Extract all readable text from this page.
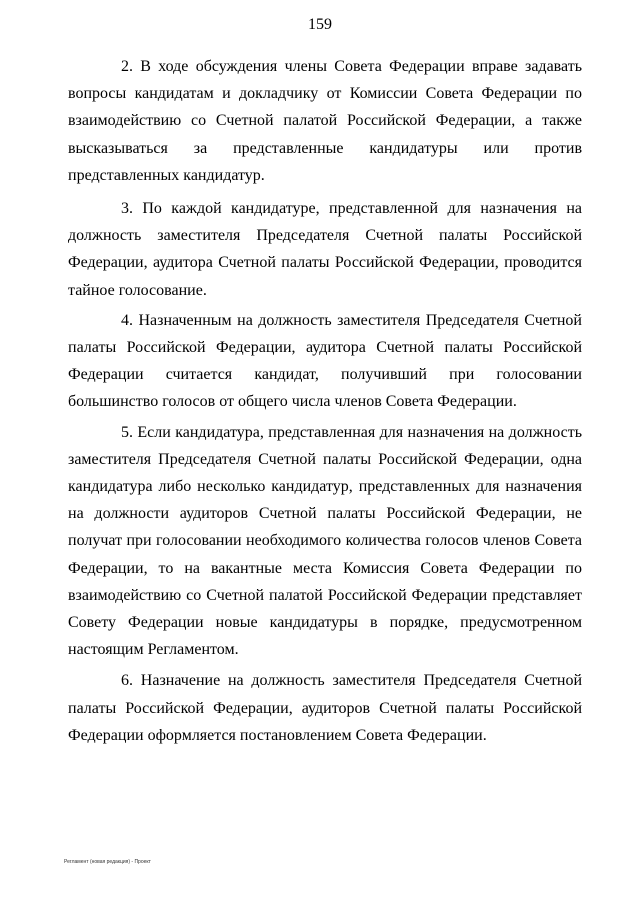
159

2. В ходе обсуждения члены Совета Федерации вправе задавать вопросы кандидатам и докладчику от Комиссии Совета Федерации по взаимодействию со Счетной палатой Российской Федерации, а также высказываться за представленные кандидатуры или против представленных кандидатур.

3. По каждой кандидатуре, представленной для назначения на должность заместителя Председателя Счетной палаты Российской Федерации, аудитора Счетной палаты Российской Федерации, проводится тайное голосование.

4. Назначенным на должность заместителя Председателя Счетной палаты Российской Федерации, аудитора Счетной палаты Российской Федерации считается кандидат, получивший при голосовании большинство голосов от общего числа членов Совета Федерации.

5. Если кандидатура, представленная для назначения на должность заместителя Председателя Счетной палаты Российской Федерации, одна кандидатура либо несколько кандидатур, представленных для назначения на должности аудиторов Счетной палаты Российской Федерации, не получат при голосовании необходимого количества голосов членов Совета Федерации, то на вакантные места Комиссия Совета Федерации по взаимодействию со Счетной палатой Российской Федерации представляет Совету Федерации новые кандидатуры в порядке, предусмотренном настоящим Регламентом.

6. Назначение на должность заместителя Председателя Счетной палаты Российской Федерации, аудиторов Счетной палаты Российской Федерации оформляется постановлением Совета Федерации.

Регламент (новая редакция) - Проект
